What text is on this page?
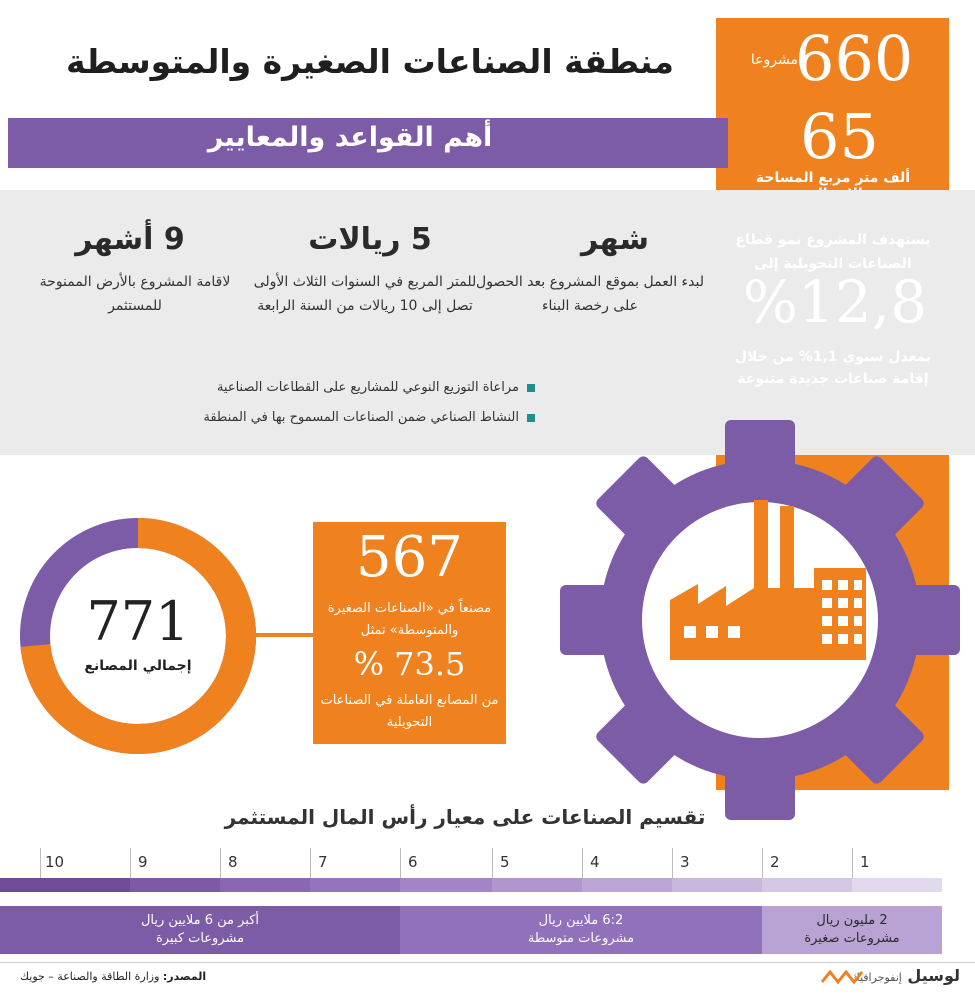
منطقة الصناعات الصغيرة والمتوسطة
أهم القواعد والمعايير
660
مشروعا
65
ألف متر مربع المساحة
يستهدف المشروع نمو قطاع الصناعات التحويلية إلى
%12,8
بمعدل سنوي 1,1% من خلال إقامة صناعات جديدة متنوعة
شهر
لبدء العمل بموقع المشروع بعد الحصول على رخصة البناء
5 ريالات
للمتر المربع في السنوات الثلاث الأولى تصل إلى 10 ريالات من السنة الرابعة
9 أشهر
لاقامة المشروع بالأرض الممنوحة للمستثمر
مراعاة التوزيع النوعي للمشاريع على القطاعات الصناعية
النشاط الصناعي ضمن الصناعات المسموح بها في المنطقة
771
إجمالي المصانع
567
مصنعاً في «الصناعات الصغيرة والمتوسطة» تمثل
% 73.5
من المصانع العاملة في الصناعات التحويلية
تقسيم الصناعات على معيار رأس المال المستثمر
1
2
3
4
5
6
7
8
9
10
2 مليون ريال
مشروعات صغيرة
6:2 ملايين ريال
مشروعات متوسطة
أكبر من 6 ملايين ريال
مشروعات كبيرة
المصدر: وزارة الطاقة والصناعة – جويك	لوسيل إنفوجرافيك
